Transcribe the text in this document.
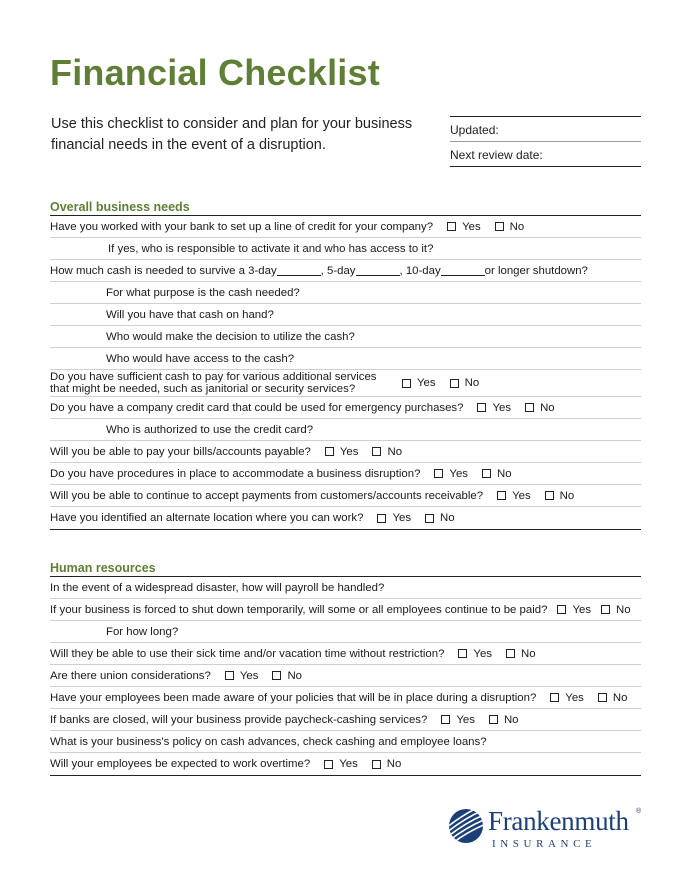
Financial Checklist
Use this checklist to consider and plan for your business financial needs in the event of a disruption.
Updated:
Next review date:
Overall business needs
Have you worked with your bank to set up a line of credit for your company?	Yes	No
If yes, who is responsible to activate it and who has access to it?
How much cash is needed to survive a 3-day	, 5-day	, 10-day	or longer shutdown?
For what purpose is the cash needed?
Will you have that cash on hand?
Who would make the decision to utilize the cash?
Who would have access to the cash?
Do you have sufficient cash to pay for various additional services that might be needed, such as janitorial or security services?	Yes	No
Do you have a company credit card that could be used for emergency purchases?	Yes	No
Who is authorized to use the credit card?
Will you be able to pay your bills/accounts payable?	Yes	No
Do you have procedures in place to accommodate a business disruption?	Yes	No
Will you be able to continue to accept payments from customers/accounts receivable?	Yes	No
Have you identified an alternate location where you can work?	Yes	No
Human resources
In the event of a widespread disaster, how will payroll be handled?
If your business is forced to shut down temporarily, will some or all employees continue to be paid? Yes No
For how long?
Will they be able to use their sick time and/or vacation time without restriction?	Yes	No
Are there union considerations?	Yes	No
Have your employees been made aware of your policies that will be in place during a disruption?	Yes	No
If banks are closed, will your business provide paycheck-cashing services?	Yes	No
What is your business's policy on cash advances, check cashing and employee loans?
Will your employees be expected to work overtime?	Yes	No
Frankenmuth ®
INSURANCE
